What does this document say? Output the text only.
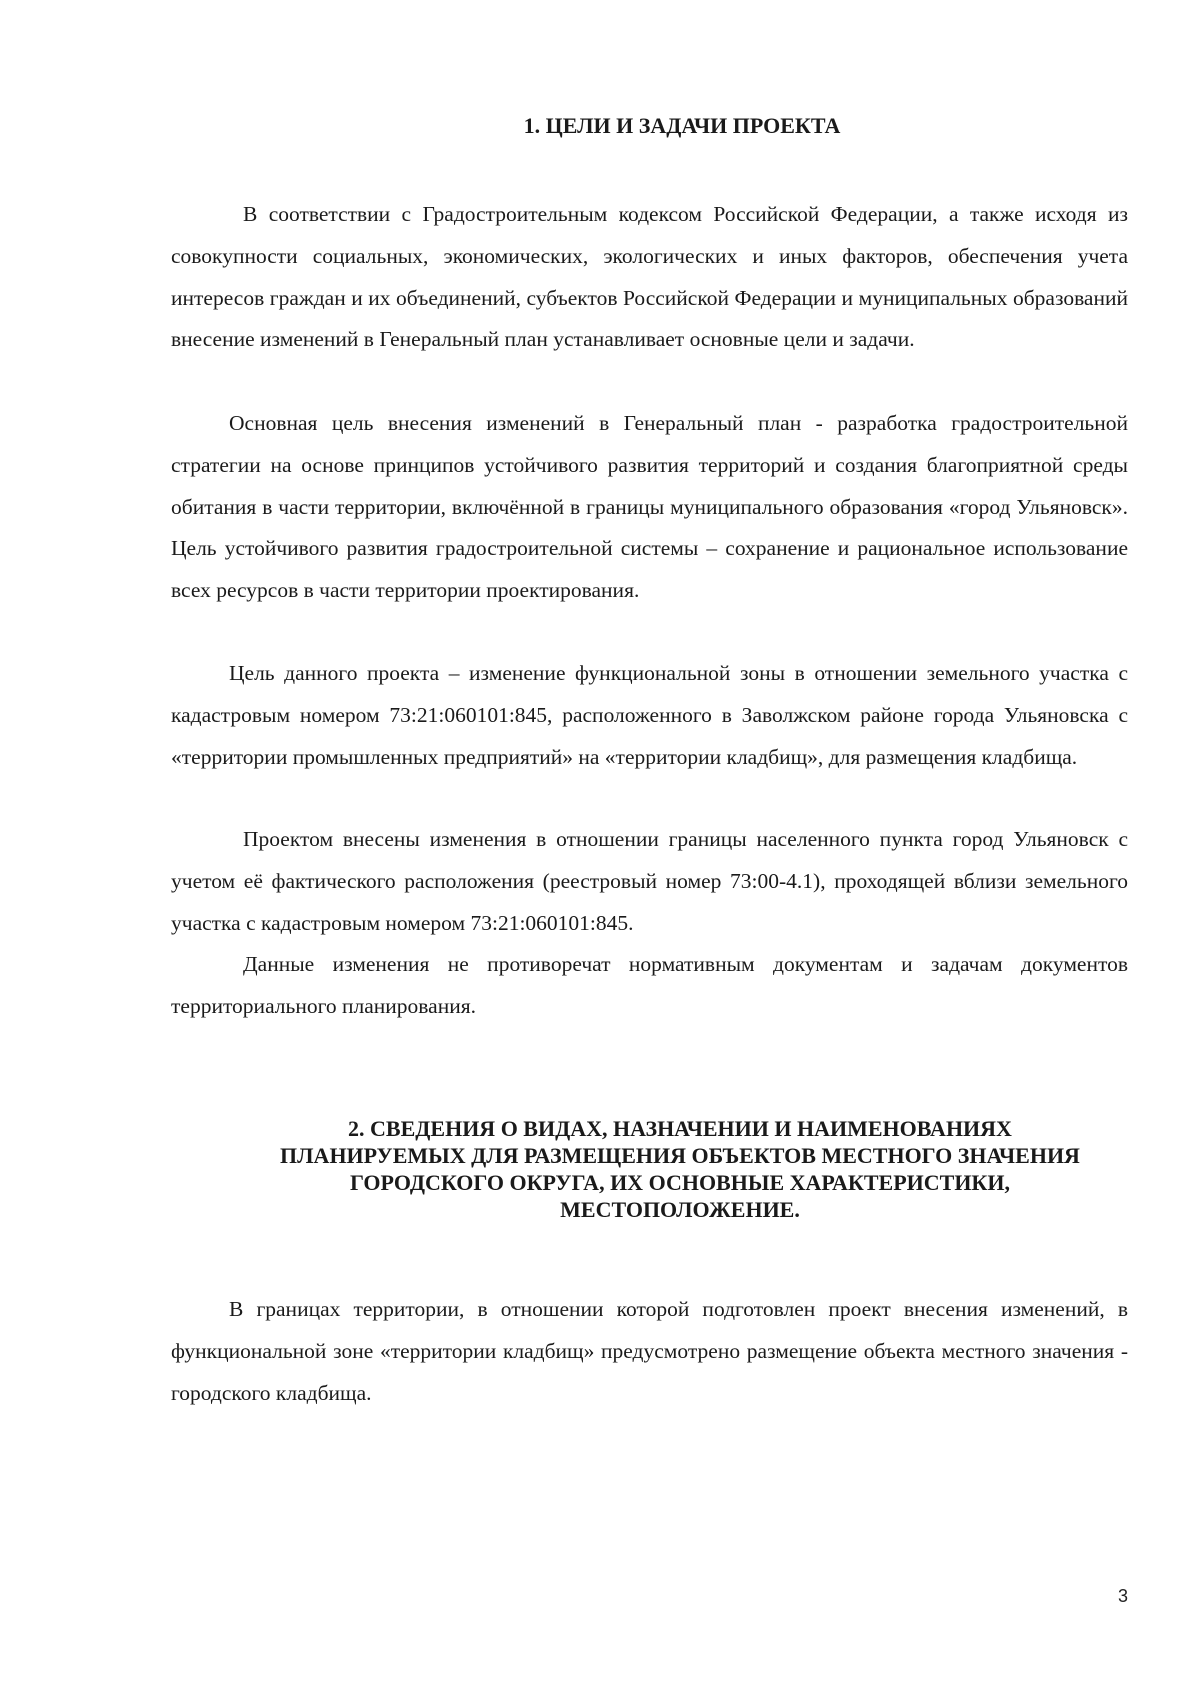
1. ЦЕЛИ И ЗАДАЧИ ПРОЕКТА

В соответствии с Градостроительным кодексом Российской Федерации, а также исходя из совокупности социальных, экономических, экологических и иных факторов, обеспечения учета интересов граждан и их объединений, субъектов Российской Федерации и муниципальных образований внесение изменений в Генеральный план устанавливает основные цели и задачи.

Основная цель внесения изменений в Генеральный план - разработка градостроительной стратегии на основе принципов устойчивого развития территорий и создания благоприятной среды обитания в части территории, включённой в границы муниципального образования «город Ульяновск». Цель устойчивого развития градостроительной системы – сохранение и рациональное использование всех ресурсов в части территории проектирования.

Цель данного проекта – изменение функциональной зоны в отношении земельного участка с кадастровым номером 73:21:060101:845, расположенного в Заволжском районе города Ульяновска с «территории промышленных предприятий» на «территории кладбищ», для размещения кладбища.

Проектом внесены изменения в отношении границы населенного пункта город Ульяновск с учетом её фактического расположения (реестровый номер 73:00-4.1), проходящей вблизи земельного участка с кадастровым номером 73:21:060101:845.

Данные изменения не противоречат нормативным документам и задачам документов территориального планирования.

2. СВЕДЕНИЯ О ВИДАХ, НАЗНАЧЕНИИ И НАИМЕНОВАНИЯХ
ПЛАНИРУЕМЫХ ДЛЯ РАЗМЕЩЕНИЯ ОБЪЕКТОВ МЕСТНОГО ЗНАЧЕНИЯ
ГОРОДСКОГО ОКРУГА, ИХ ОСНОВНЫЕ ХАРАКТЕРИСТИКИ,
МЕСТОПОЛОЖЕНИЕ.

В границах территории, в отношении которой подготовлен проект внесения изменений, в функциональной зоне «территории кладбищ» предусмотрено размещение объекта местного значения - городского кладбища.

3
